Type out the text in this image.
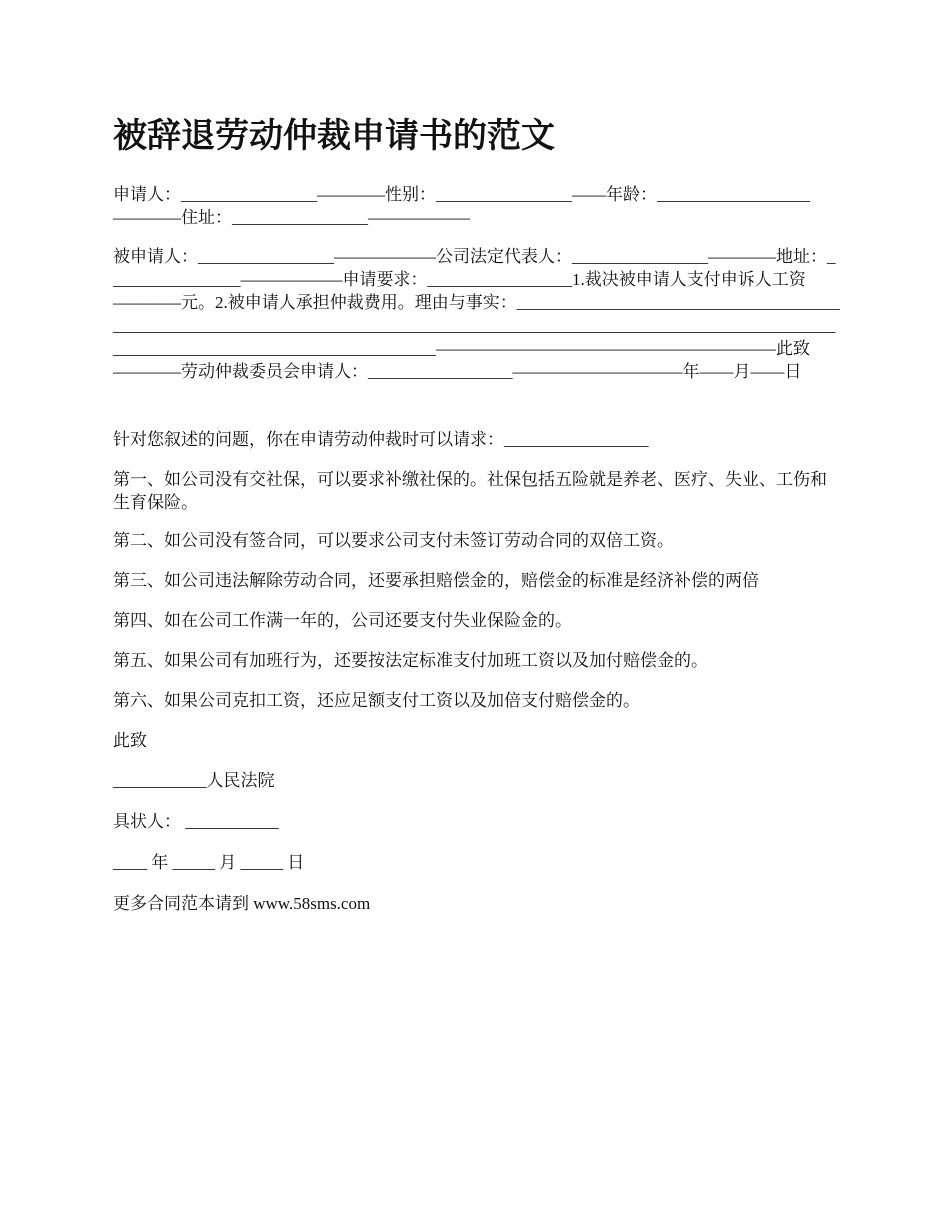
被辞退劳动仲裁申请书的范文

申请人：________________————性别：________________——年龄：__________________————住址：________________——————

被申请人：________________——————公司法定代表人：________________————地址：________________——————申请要求：_________________1.裁决被申请人支付申诉人工资————元。2.被申请人承担仲裁费用。理由与事实：_________________________________________________________________________________________________________________________________________________________________————————————————————此致————劳动仲裁委员会申请人：_________________——————————年——月——日

针对您叙述的问题，你在申请劳动仲裁时可以请求：_________________

第一、如公司没有交社保，可以要求补缴社保的。社保包括五险就是养老、医疗、失业、工伤和生育保险。

第二、如公司没有签合同，可以要求公司支付未签订劳动合同的双倍工资。

第三、如公司违法解除劳动合同，还要承担赔偿金的，赔偿金的标准是经济补偿的两倍

第四、如在公司工作满一年的，公司还要支付失业保险金的。

第五、如果公司有加班行为，还要按法定标准支付加班工资以及加付赔偿金的。

第六、如果公司克扣工资，还应足额支付工资以及加倍支付赔偿金的。

此致

___________人民法院

具状人： ___________

____ 年 _____ 月 _____ 日

更多合同范本请到 www.58sms.com
